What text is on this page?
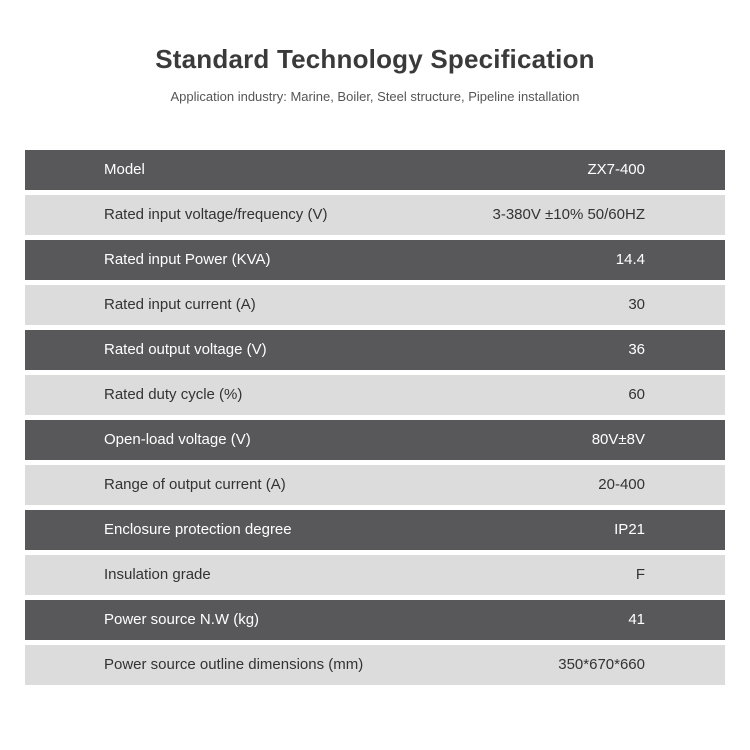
Standard Technology Specification
Application industry: Marine, Boiler, Steel structure, Pipeline installation
Model	ZX7-400
Rated input voltage/frequency (V)	3-380V ±10% 50/60HZ
Rated input Power (KVA)	14.4
Rated input current (A)	30
Rated output voltage (V)	36
Rated duty cycle (%)	60
Open-load voltage (V)	80V±8V
Range of output current (A)	20-400
Enclosure protection degree	IP21
Insulation grade	F
Power source N.W (kg)	41
Power source outline dimensions (mm)	350*670*660
